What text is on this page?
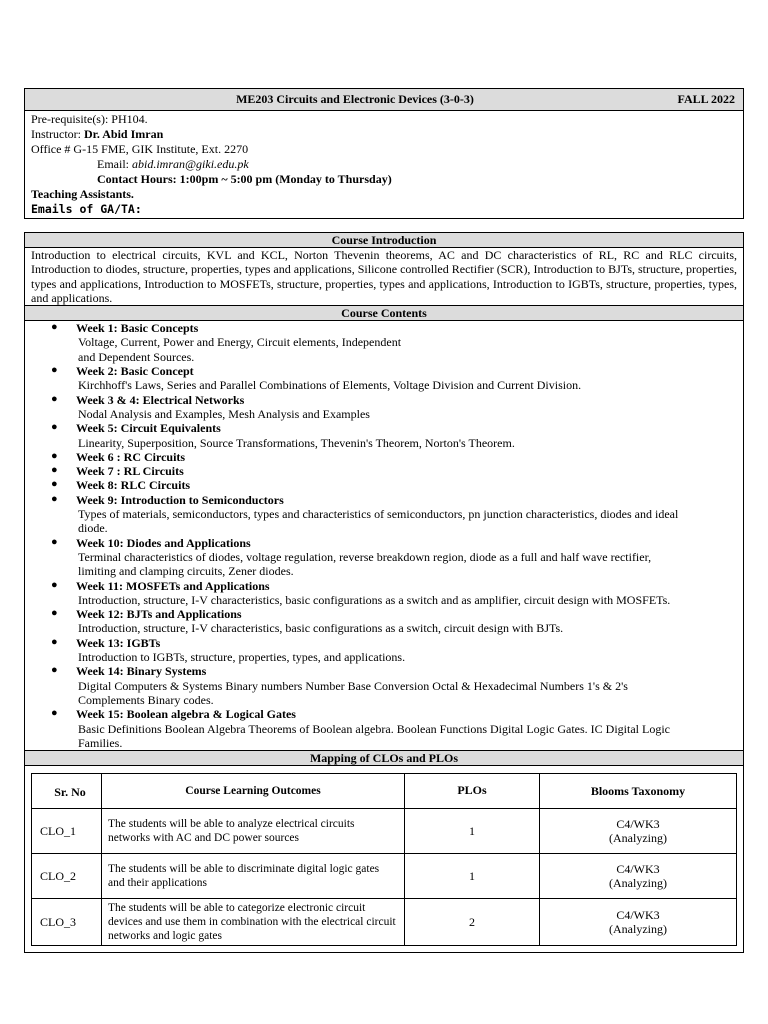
ME203 Circuits and Electronic Devices (3-0-3)	FALL 2022
Pre-requisite(s): PH104.
Instructor: Dr. Abid Imran
Office # G-15 FME, GIK Institute, Ext. 2270
Email: abid.imran@giki.edu.pk
Contact Hours: 1:00pm ~ 5:00 pm (Monday to Thursday)
Teaching Assistants.
Emails of GA/TA:
Course Introduction
Introduction to electrical circuits, KVL and KCL, Norton Thevenin theorems, AC and DC characteristics of RL, RC and RLC circuits, Introduction to diodes, structure, properties, types and applications, Silicone controlled Rectifier (SCR), Introduction to BJTs, structure, properties, types and applications, Introduction to MOSFETs, structure, properties, types and applications, Introduction to IGBTs, structure, properties, types, and applications.
Course Contents
● Week 1: Basic Concepts
Voltage, Current, Power and Energy, Circuit elements, Independent
and Dependent Sources.
● Week 2: Basic Concept
Kirchhoff's Laws, Series and Parallel Combinations of Elements, Voltage Division and Current Division.
● Week 3 & 4: Electrical Networks
Nodal Analysis and Examples, Mesh Analysis and Examples
● Week 5: Circuit Equivalents
Linearity, Superposition, Source Transformations, Thevenin's Theorem, Norton's Theorem.
● Week 6 : RC Circuits
● Week 7 : RL Circuits
● Week 8: RLC Circuits
● Week 9: Introduction to Semiconductors
Types of materials, semiconductors, types and characteristics of semiconductors, pn junction characteristics, diodes and ideal
diode.
● Week 10: Diodes and Applications
Terminal characteristics of diodes, voltage regulation, reverse breakdown region, diode as a full and half wave rectifier,
limiting and clamping circuits, Zener diodes.
● Week 11: MOSFETs and Applications
Introduction, structure, I-V characteristics, basic configurations as a switch and as amplifier, circuit design with MOSFETs.
● Week 12: BJTs and Applications
Introduction, structure, I-V characteristics, basic configurations as a switch, circuit design with BJTs.
● Week 13: IGBTs
Introduction to IGBTs, structure, properties, types, and applications.
● Week 14: Binary Systems
Digital Computers & Systems Binary numbers Number Base Conversion Octal & Hexadecimal Numbers 1's & 2's
Complements Binary codes.
● Week 15: Boolean algebra & Logical Gates
Basic Definitions Boolean Algebra Theorems of Boolean algebra. Boolean Functions Digital Logic Gates. IC Digital Logic
Families.
Mapping of CLOs and PLOs
Sr. No	Course Learning Outcomes	PLOs	Blooms Taxonomy
CLO_1	The students will be able to analyze electrical circuits networks with AC and DC power sources	1	C4/WK3
(Analyzing)

CLO_2	The students will be able to discriminate digital logic gates and their applications	1	C4/WK3
(Analyzing)

CLO_3	The students will be able to categorize electronic circuit devices and use them in combination with the electrical circuit networks and logic gates	2	C4/WK3
(Analyzing)
